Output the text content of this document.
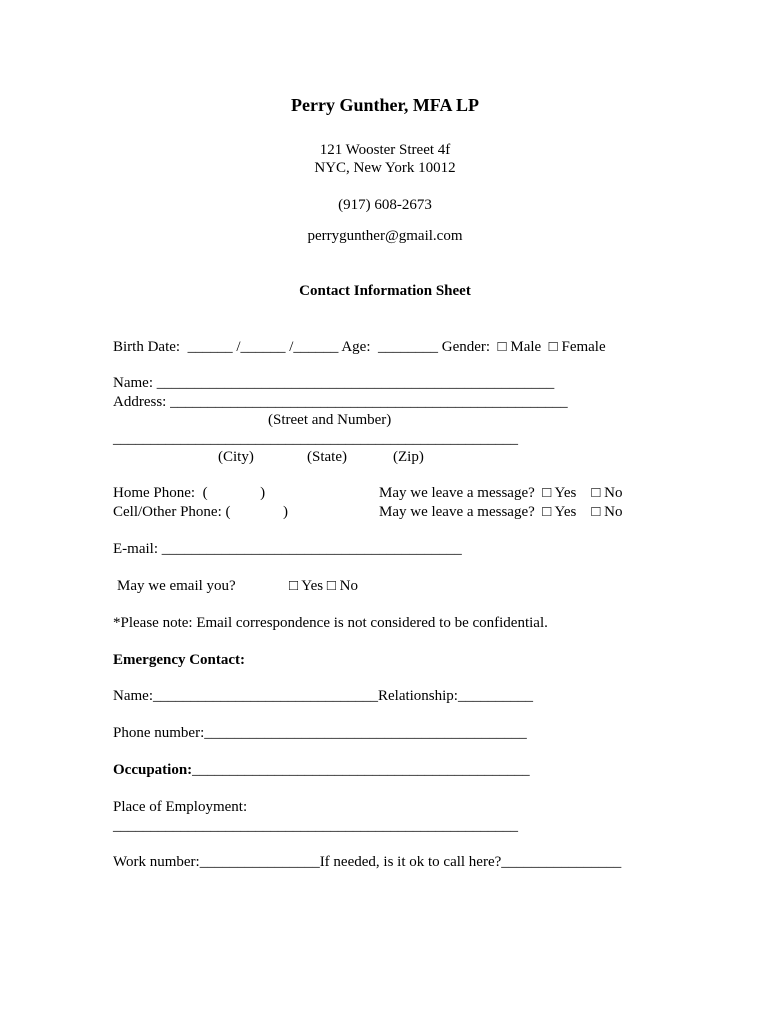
Perry Gunther, MFA LP
121 Wooster Street 4f
NYC, New York 10012
(917) 608-2673
perrygunther@gmail.com
Contact Information Sheet
Birth Date:  ______ /______ /______ Age:  ________ Gender:  □ Male  □ Female
Name: _____________________________________________________
Address: _____________________________________________________
(Street and Number)
______________________________________________________
(City)	(State)	(Zip)
Home Phone:  (              )	May we leave a message?  □ Yes    □ No
Cell/Other Phone: (              )	May we leave a message?  □ Yes    □ No
E-mail: ________________________________________
May we email you?	□ Yes □ No
*Please note: Email correspondence is not considered to be confidential.
Emergency Contact:
Name:______________________________Relationship:__________
Phone number:___________________________________________
Occupation:_____________________________________________
Place of Employment:
______________________________________________________
Work number:________________If needed, is it ok to call here?________________
